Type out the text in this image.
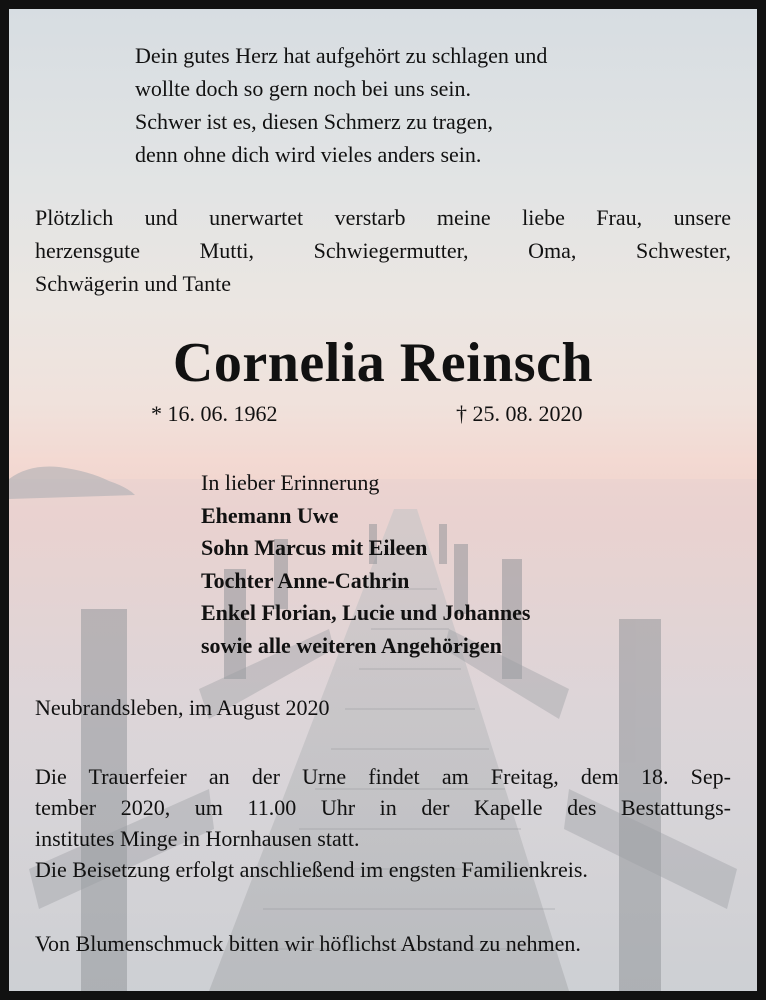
Dein gutes Herz hat aufgehört zu schlagen und
wollte doch so gern noch bei uns sein.
Schwer ist es, diesen Schmerz zu tragen,
denn ohne dich wird vieles anders sein.
Plötzlich und unerwartet verstarb meine liebe Frau, unsere
herzensgute Mutti, Schwiegermutter, Oma, Schwester,
Schwägerin und Tante
Cornelia Reinsch
* 16. 06. 1962	† 25. 08. 2020
In lieber Erinnerung
Ehemann Uwe
Sohn Marcus mit Eileen
Tochter Anne-Cathrin
Enkel Florian, Lucie und Johannes
sowie alle weiteren Angehörigen
Neubrandsleben, im August 2020
Die Trauerfeier an der Urne findet am Freitag, dem 18. Sep-
tember 2020, um 11.00 Uhr in der Kapelle des Bestattungs-
institutes Minge in Hornhausen statt.
Die Beisetzung erfolgt anschließend im engsten Familienkreis.
Von Blumenschmuck bitten wir höflichst Abstand zu nehmen.
